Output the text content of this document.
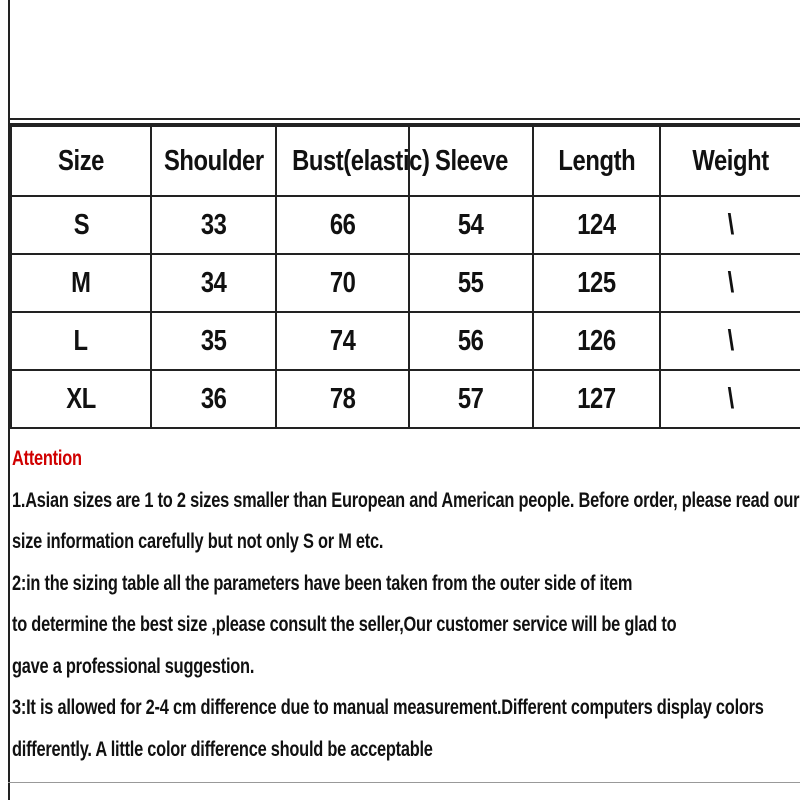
Size	Shoulder	Bust(elastic)	Sleeve	Length	Weight
S	33	66	54	124	\
M	34	70	55	125	\
L	35	74	56	126	\
XL	36	78	57	127	\
Attention
1.Asian sizes are 1 to 2 sizes smaller than European and American people. Before order, please read our
size information carefully but not only S or M etc.
2:in the sizing table all the parameters have been taken from the outer side of item
to determine the best size ,please consult the seller,Our customer service will be glad to
gave a professional suggestion.
3:It is allowed for 2-4 cm difference due to manual measurement.Different computers display colors
differently. A little color difference should be acceptable
